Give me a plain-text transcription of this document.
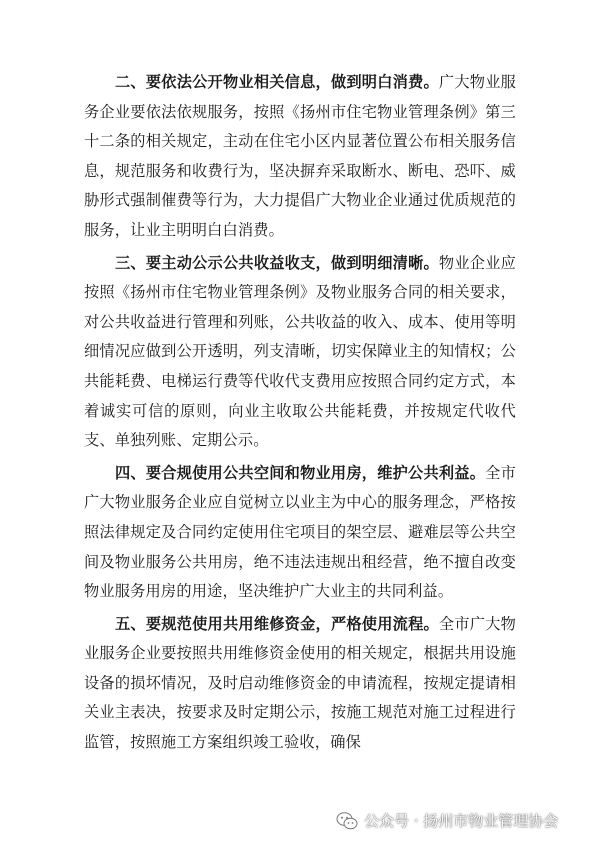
二、要依法公开物业相关信息，做到明白消费。广大物业服务企业要依法依规服务，按照《扬州市住宅物业管理条例》第三十二条的相关规定，主动在住宅小区内显著位置公布相关服务信息，规范服务和收费行为，坚决摒弃采取断水、断电、恐吓、威胁形式强制催费等行为，大力提倡广大物业企业通过优质规范的服务，让业主明明白白消费。

三、要主动公示公共收益收支，做到明细清晰。物业企业应按照《扬州市住宅物业管理条例》及物业服务合同的相关要求，对公共收益进行管理和列账，公共收益的收入、成本、使用等明细情况应做到公开透明，列支清晰，切实保障业主的知情权；公共能耗费、电梯运行费等代收代支费用应按照合同约定方式，本着诚实可信的原则，向业主收取公共能耗费，并按规定代收代支、单独列账、定期公示。

四、要合规使用公共空间和物业用房，维护公共利益。全市广大物业服务企业应自觉树立以业主为中心的服务理念，严格按照法律规定及合同约定使用住宅项目的架空层、避难层等公共空间及物业服务公共用房，绝不违法违规出租经营，绝不擅自改变物业服务用房的用途，坚决维护广大业主的共同利益。

五、要规范使用共用维修资金，严格使用流程。全市广大物业服务企业要按照共用维修资金使用的相关规定，根据共用设施设备的损坏情况，及时启动维修资金的申请流程，按规定提请相关业主表决，按要求及时定期公示，按施工规范对施工过程进行监管，按照施工方案组织竣工验收，确保

公众号 · 扬州市物业管理协会
